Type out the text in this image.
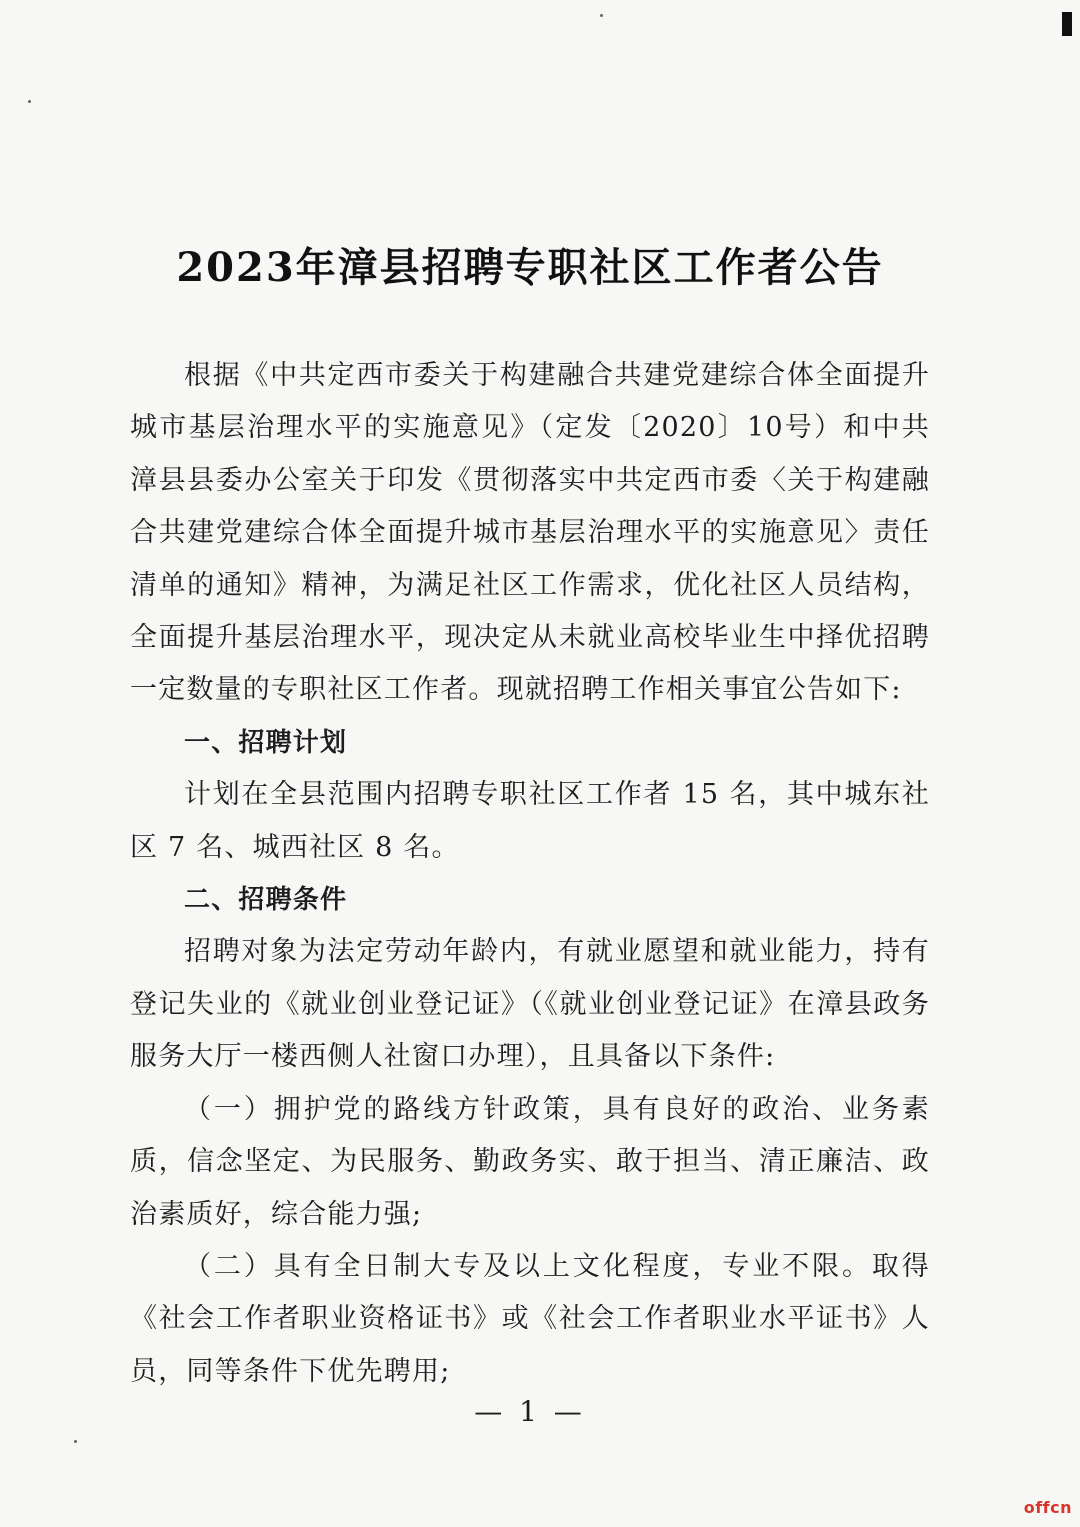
2023年漳县招聘专职社区工作者公告

根据《中共定西市委关于构建融合共建党建综合体全面提升城市基层治理水平的实施意见》（定发〔2020〕10号）和中共漳县县委办公室关于印发《贯彻落实中共定西市委〈关于构建融合共建党建综合体全面提升城市基层治理水平的实施意见〉责任清单的通知》精神，为满足社区工作需求，优化社区人员结构，全面提升基层治理水平，现决定从未就业高校毕业生中择优招聘一定数量的专职社区工作者。现就招聘工作相关事宜公告如下:

一、招聘计划

计划在全县范围内招聘专职社区工作者 15 名，其中城东社区 7 名、城西社区 8 名。

二、招聘条件

招聘对象为法定劳动年龄内，有就业愿望和就业能力，持有登记失业的《就业创业登记证》（《就业创业登记证》在漳县政务服务大厅一楼西侧人社窗口办理），且具备以下条件:

（一）拥护党的路线方针政策，具有良好的政治、业务素质，信念坚定、为民服务、勤政务实、敢于担当、清正廉洁、政治素质好，综合能力强;

（二）具有全日制大专及以上文化程度，专业不限。取得《社会工作者职业资格证书》或《社会工作者职业水平证书》人员，同等条件下优先聘用;

— 1 —
offcn
